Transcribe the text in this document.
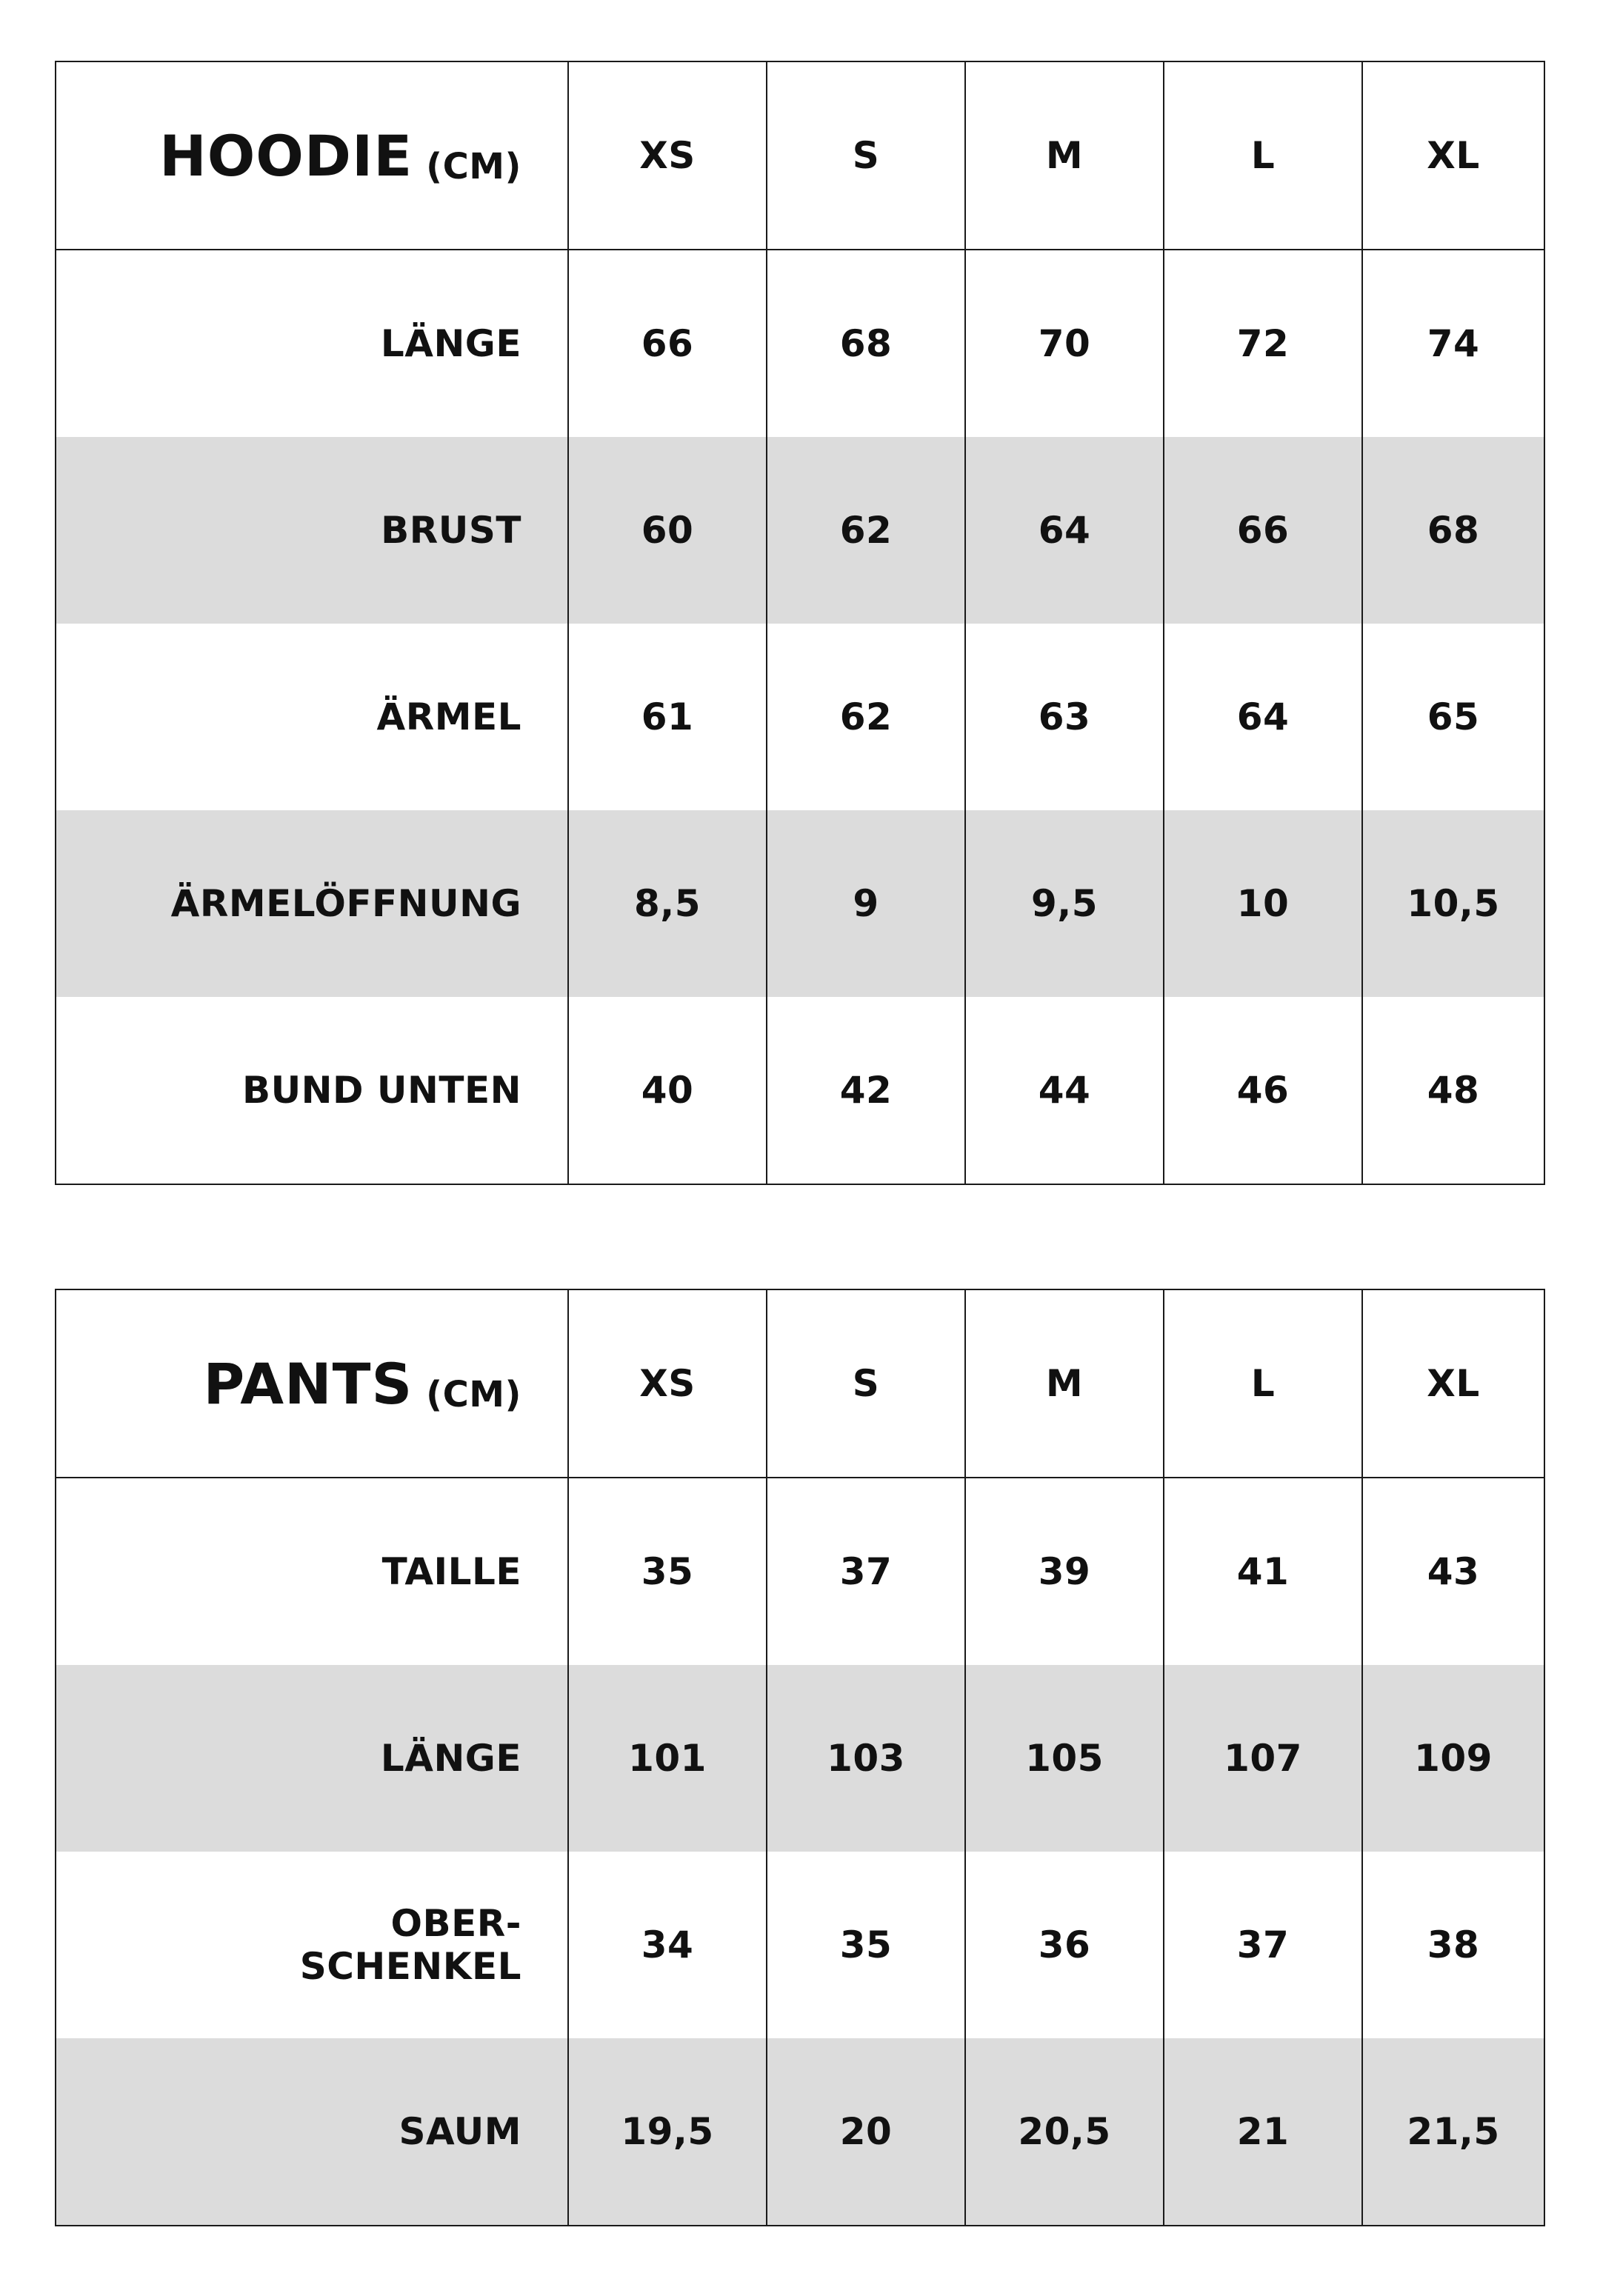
HOODIE (CM)	XS	S	M	L	XL
LÄNGE	66	68	70	72	74
BRUST	60	62	64	66	68
ÄRMEL	61	62	63	64	65
ÄRMELÖFFNUNG	8,5	9	9,5	10	10,5
BUND UNTEN	40	42	44	46	48
PANTS (CM)	XS	S	M	L	XL
TAILLE	35	37	39	41	43
LÄNGE	101	103	105	107	109
OBER-
SCHENKEL	34	35	36	37	38
SAUM	19,5	20	20,5	21	21,5
